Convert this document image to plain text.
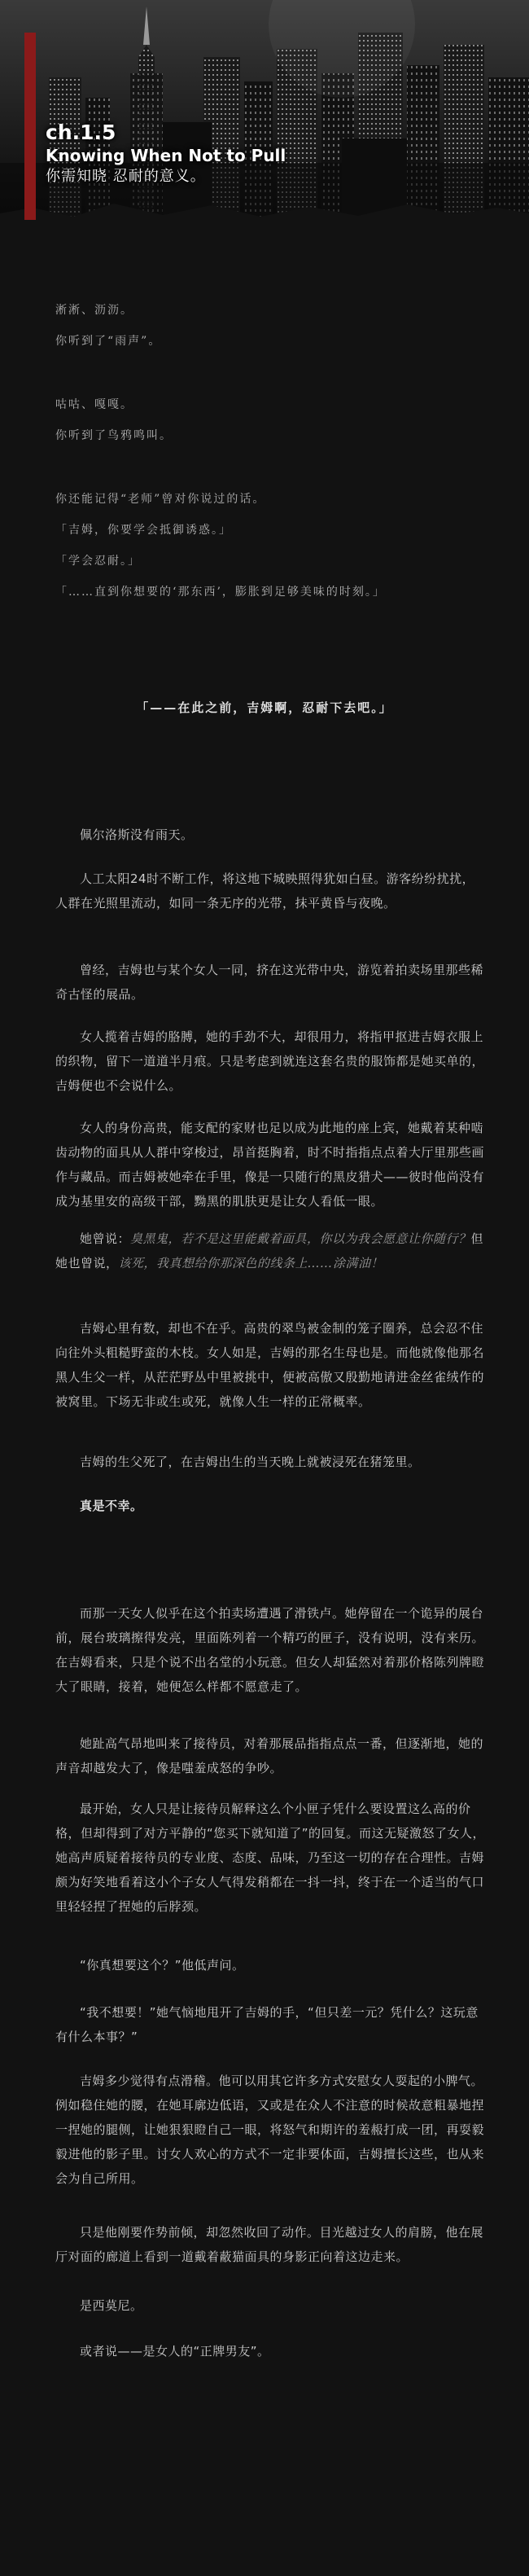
ch.1.5
Knowing When Not to Pull
你需知晓 忍耐的意义。
淅淅、沥沥。
你听到了“雨声”。
咕咕、嘎嘎。
你听到了鸟鸦鸣叫。
你还能记得“老师”曾对你说过的话。
「吉姆，你要学会抵御诱惑。」
「学会忍耐。」
「……直到你想要的‘那东西’，膨胀到足够美味的时刻。」
「——在此之前，吉姆啊，忍耐下去吧。」

佩尔洛斯没有雨天。

人工太阳24时不断工作，将这地下城映照得犹如白昼。游客纷纷扰扰，人群在光照里流动，如同一条无序的光带，抹平黄昏与夜晚。

曾经，吉姆也与某个女人一同，挤在这光带中央，游览着拍卖场里那些稀奇古怪的展品。

女人揽着吉姆的胳膊，她的手劲不大，却很用力，将指甲抠进吉姆衣服上的织物，留下一道道半月痕。只是考虑到就连这套名贵的服饰都是她买单的，吉姆便也不会说什么。

女人的身份高贵，能支配的家财也足以成为此地的座上宾，她戴着某种啮齿动物的面具从人群中穿梭过，昂首挺胸着，时不时指指点点着大厅里那些画作与藏品。而吉姆被她牵在手里，像是一只随行的黑皮猎犬——彼时他尚没有成为基里安的高级干部，黝黑的肌肤更是让女人看低一眼。

她曾说：臭黑鬼，若不是这里能戴着面具，你以为我会愿意让你随行？但她也曾说，该死，我真想给你那深色的线条上……涂满油！

吉姆心里有数，却也不在乎。高贵的翠鸟被金制的笼子圈养，总会忍不住向往外头粗糙野蛮的木枝。女人如是，吉姆的那名生母也是。而他就像他那名黑人生父一样，从茫茫野丛中里被挑中，便被高傲又殷勤地请进金丝雀绒作的被窝里。下场无非或生或死，就像人生一样的正常概率。

吉姆的生父死了，在吉姆出生的当天晚上就被浸死在猪笼里。

真是不幸。

而那一天女人似乎在这个拍卖场遭遇了滑铁卢。她停留在一个诡异的展台前，展台玻璃擦得发亮，里面陈列着一个精巧的匣子，没有说明，没有来历。在吉姆看来，只是个说不出名堂的小玩意。但女人却猛然对着那价格陈列牌瞪大了眼睛，接着，她便怎么样都不愿意走了。

她趾高气昂地叫来了接待员，对着那展品指指点点一番，但逐渐地，她的声音却越发大了，像是嗤羞成怒的争吵。

最开始，女人只是让接待员解释这么个小匣子凭什么要设置这么高的价格，但却得到了对方平静的“您买下就知道了”的回复。而这无疑激怒了女人，她高声质疑着接待员的专业度、态度、品味，乃至这一切的存在合理性。吉姆颇为好笑地看着这小个子女人气得发稍都在一抖一抖，终于在一个适当的气口里轻轻捏了捏她的后脖颈。

“你真想要这个？”他低声问。

“我不想要！”她气恼地甩开了吉姆的手，“但只差一元？凭什么？这玩意有什么本事？”

吉姆多少觉得有点滑稽。他可以用其它许多方式安慰女人耍起的小脾气。例如稳住她的腰，在她耳廓边低语，又或是在众人不注意的时候故意粗暴地捏一捏她的腿侧，让她狠狠瞪自己一眼，将怒气和期许的羞赧打成一团，再耍毅毅进他的影子里。讨女人欢心的方式不一定非要体面，吉姆擅长这些，也从来会为自己所用。

只是他刚要作势前倾，却忽然收回了动作。目光越过女人的肩膀，他在展厅对面的廊道上看到一道戴着蔽猫面具的身影正向着这边走来。

是西莫尼。

或者说——是女人的“正牌男友”。
